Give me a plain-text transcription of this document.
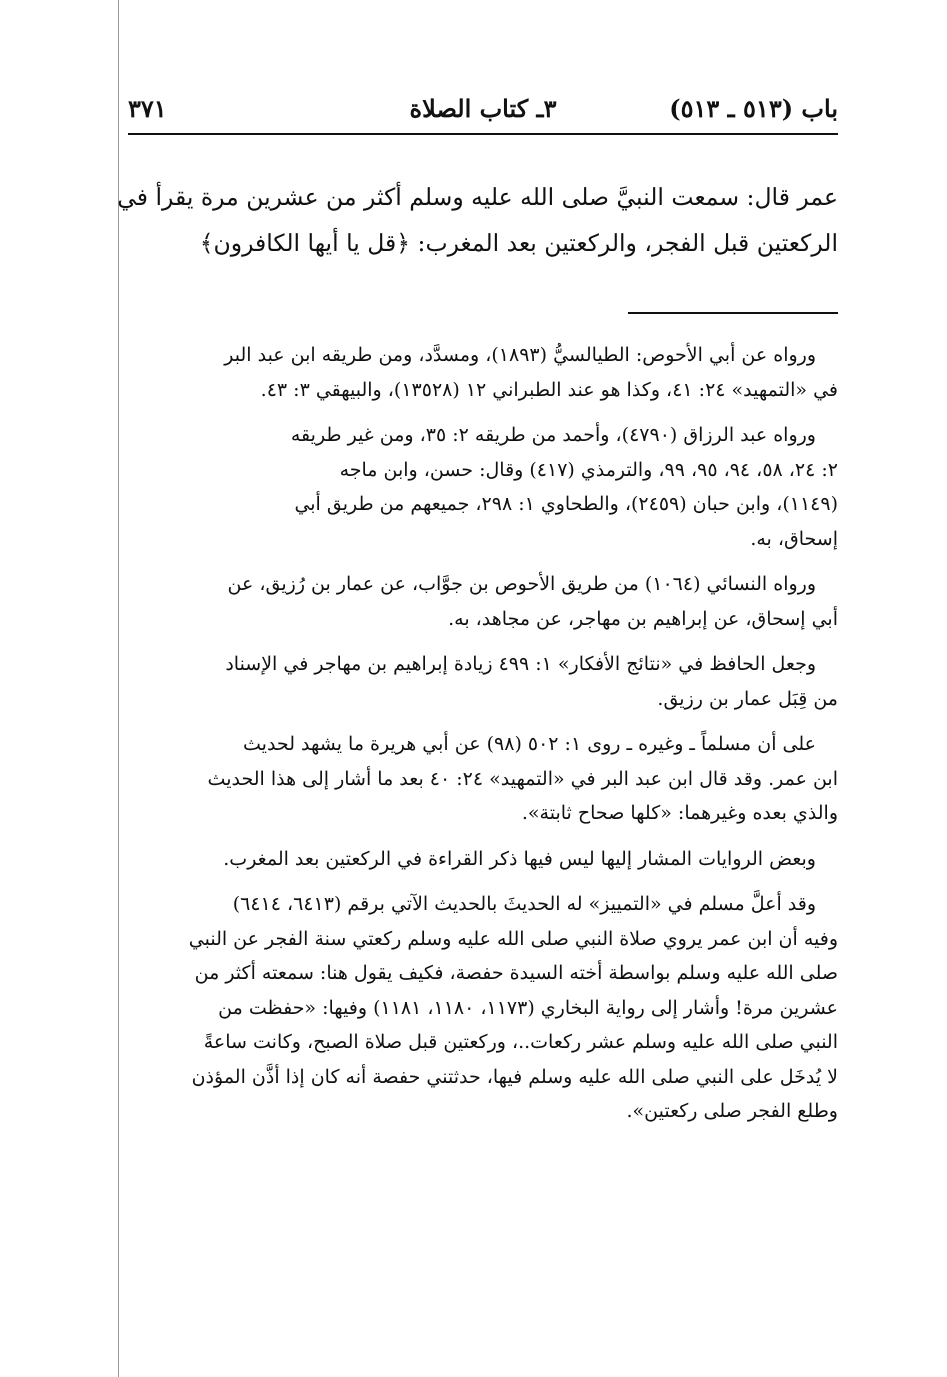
باب (٥١٣ ـ ٥١٣)
٣ـ كتاب الصلاة
٣٧١
عمر قال: سمعت النبيَّ صلى الله عليه وسلم أكثر من عشرين مرة يقرأ في
الركعتين قبل الفجر، والركعتين بعد المغرب: ﴿قل يا أيها الكافرون﴾

ورواه عن أبي الأحوص: الطيالسيُّ (١٨٩٣)، ومسدَّد، ومن طريقه ابن عبد البر
في «التمهيد» ٢٤: ٤١، وكذا هو عند الطبراني ١٢ (١٣٥٢٨)، والبيهقي ٣: ٤٣.

ورواه عبد الرزاق (٤٧٩٠)، وأحمد من طريقه ٢: ٣٥، ومن غير طريقه
٢: ٢٤، ٥٨، ٩٤، ٩٥، ٩٩، والترمذي (٤١٧) وقال: حسن، وابن ماجه
(١١٤٩)، وابن حبان (٢٤٥٩)، والطحاوي ١: ٢٩٨، جميعهم من طريق أبي
إسحاق، به.

ورواه النسائي (١٠٦٤) من طريق الأحوص بن جوَّاب، عن عمار بن رُزيق، عن
أبي إسحاق، عن إبراهيم بن مهاجر، عن مجاهد، به.

وجعل الحافظ في «نتائج الأفكار» ١: ٤٩٩ زيادة إبراهيم بن مهاجر في الإسناد
من قِبَل عمار بن رزيق.

على أن مسلماً ـ وغيره ـ روى ١: ٥٠٢ (٩٨) عن أبي هريرة ما يشهد لحديث
ابن عمر. وقد قال ابن عبد البر في «التمهيد» ٢٤: ٤٠ بعد ما أشار إلى هذا الحديث
والذي بعده وغيرهما: «كلها صحاح ثابتة».

وبعض الروايات المشار إليها ليس فيها ذكر القراءة في الركعتين بعد المغرب.

وقد أعلَّ مسلم في «التمييز» له الحديثَ بالحديث الآتي برقم (٦٤١٣، ٦٤١٤)
وفيه أن ابن عمر يروي صلاة النبي صلى الله عليه وسلم ركعتي سنة الفجر عن النبي
صلى الله عليه وسلم بواسطة أخته السيدة حفصة، فكيف يقول هنا: سمعته أكثر من
عشرين مرة! وأشار إلى رواية البخاري (١١٧٣، ١١٨٠، ١١٨١) وفيها: «حفظت من
النبي صلى الله عليه وسلم عشر ركعات..، وركعتين قبل صلاة الصبح، وكانت ساعةً
لا يُدخَل على النبي صلى الله عليه وسلم فيها، حدثتني حفصة أنه كان إذا أذَّن المؤذن
وطلع الفجر صلى ركعتين».
